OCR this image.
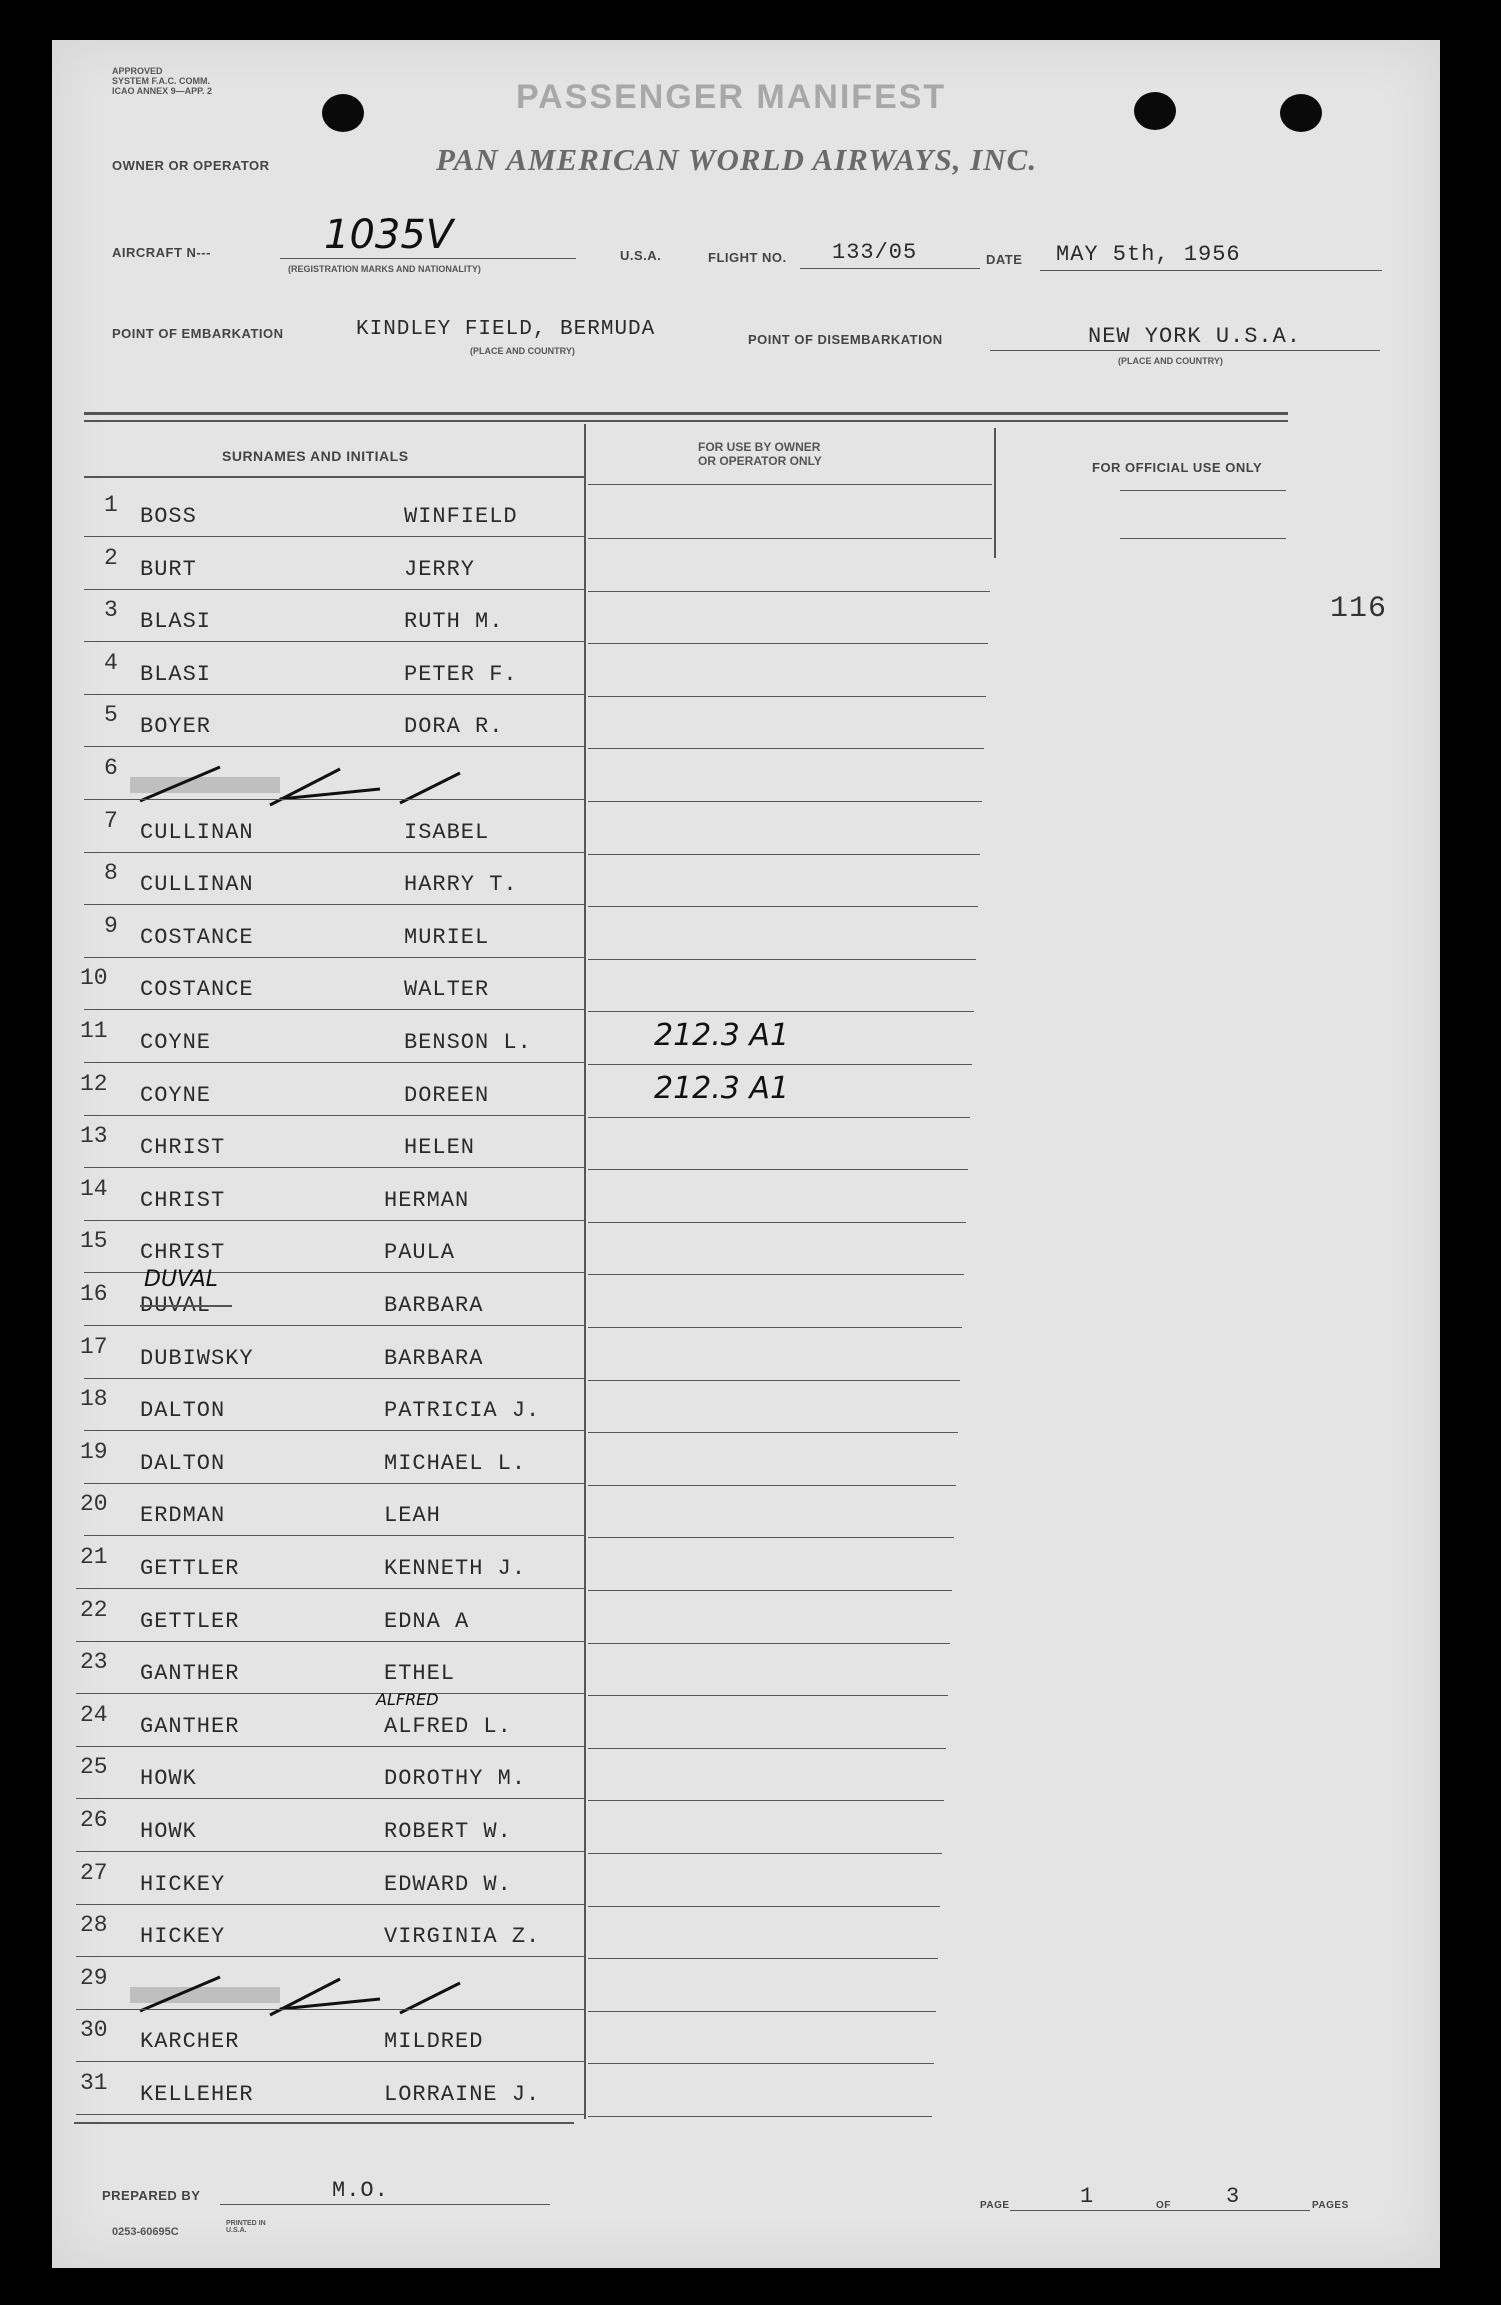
APPROVED
SYSTEM F.A.C. COMM.
ICAO ANNEX 9—APP. 2	PASSENGER MANIFEST
OWNER OR OPERATOR	PAN AMERICAN WORLD AIRWAYS, INC.
AIRCRAFT N---	1035V
(REGISTRATION MARKS AND NATIONALITY)
U.S.A.	FLIGHT NO. 133/05	DATE MAY 5th, 1956
POINT OF EMBARKATION	KINDLEY FIELD, BERMUDA
(PLACE AND COUNTRY)
POINT OF DISEMBARKATION	NEW YORK U.S.A.
(PLACE AND COUNTRY)
SURNAMES AND INITIALS
FOR USE BY OWNER
OR OPERATOR ONLY	FOR OFFICIAL USE ONLY
116
1 BOSS	WINFIELD
2 BURT	JERRY
3 BLASI	RUTH M.
4 BLASI	PETER F.
5 BOYER	DORA R.
6
7 CULLINAN	ISABEL
8 CULLINAN	HARRY T.
9 COSTANCE	MURIEL
10 COSTANCE	WALTER
11 COYNE	BENSON L.	212.3 A1
12 COYNE	DOREEN	212.3 A1
13 CHRIST	HELEN
14 CHRIST	HERMAN
15 CHRIST	PAULA
16 DUVAL	BARBARA
DUVAL
17 DUBIWSKY	BARBARA
18 DALTON	PATRICIA J.
19 DALTON	MICHAEL L.
20 ERDMAN	LEAH
21 GETTLER	KENNETH J.
22 GETTLER	EDNA A
23 GANTHER	ETHEL
24 GANTHER	ALFRED L.
ALFRED
25 HOWK	DOROTHY M.
26 HOWK	ROBERT W.
27 HICKEY	EDWARD W.
28 HICKEY	VIRGINIA Z.
29
30 KARCHER	MILDRED
31 KELLEHER	LORRAINE J.
PREPARED BY	M.O.
0253-60695C
PRINTED IN U.S.A.
PAGE	1	OF	3	PAGES
